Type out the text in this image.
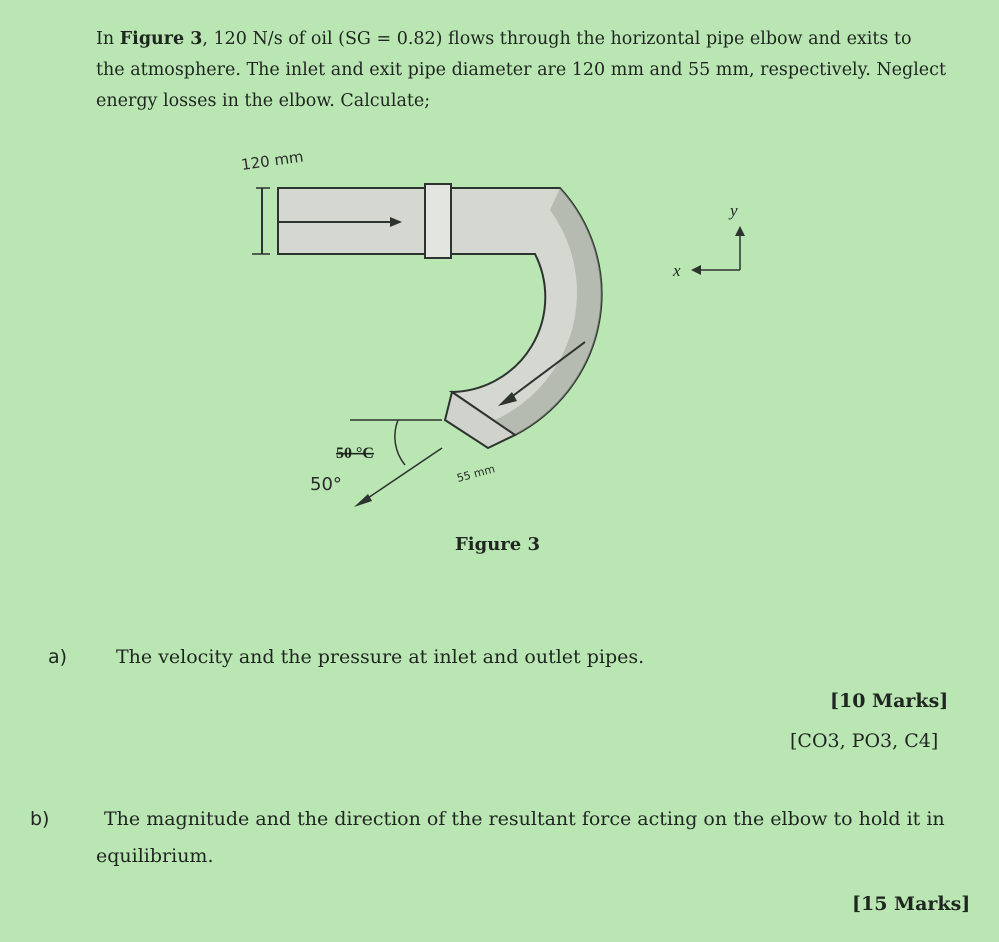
In Figure 3, 120 N/s of oil (SG = 0.82) flows through the horizontal pipe elbow and exits to
the atmosphere. The inlet and exit pipe diameter are 120 mm and 55 mm, respectively. Neglect
energy losses in the elbow. Calculate;
120 mm
50 °C
50°	55 mm
y
x
Figure 3
a)	The velocity and the pressure at inlet and outlet pipes.
[10 Marks]
[CO3, PO3, C4]
b)	The magnitude and the direction of the resultant force acting on the elbow to hold it in
equilibrium.
[15 Marks]
